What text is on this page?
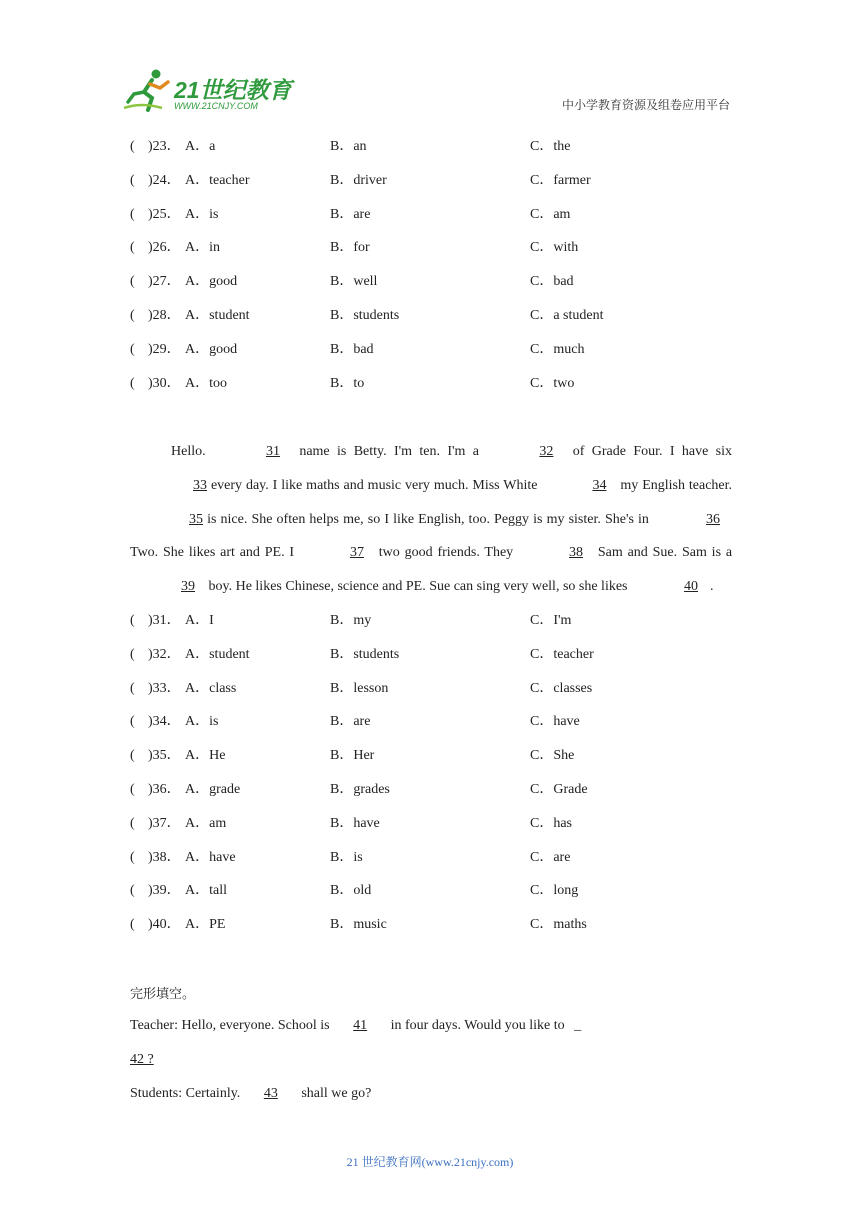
21世纪教育
WWW.21CNJY.COM	中小学教育资源及组卷应用平台
( )23． A．a	B．an	C．the
( )24． A．teacher	B．driver	C．farmer
( )25． A．is	B．are	C．am
( )26． A．in	B．for	C．with
( )27． A．good	B．well	C．bad
( )28． A．student	B．students	C．a student
( )29． A．good	B．bad	C．much
( )30． A．too	B．to	C．two

Hello.	31 name is Betty. I'm ten. I'm a	32 of Grade Four. I have six 33 every day. I like maths and music very much. Miss White	34 my English teacher. 35 is nice. She often helps me, so I like English, too. Peggy is my sister. She's in	36 Two. She likes art and PE. I	37 two good friends. They	38 Sam and Sue. Sam is a 39 boy. He likes Chinese, science and PE. Sue can sing very well, so she likes	40 .

( )31． A．I	B．my	C．I'm
( )32． A．student	B．students	C．teacher
( )33． A．class	B．lesson	C．classes
( )34． A．is	B．are	C．have
( )35． A．He	B．Her	C．She
( )36． A．grade	B．grades	C．Grade
( )37． A．am	B．have	C．has
( )38． A．have	B．is	C．are
( )39． A．tall	B．old	C．long
( )40． A．PE	B．music	C．maths
完形填空。
Teacher: Hello, everyone. School is 41 in four days. Would you like to _
42 ?
Students: Certainly. 43 shall we go?
21 世纪教育网(www.21cnjy.com)
